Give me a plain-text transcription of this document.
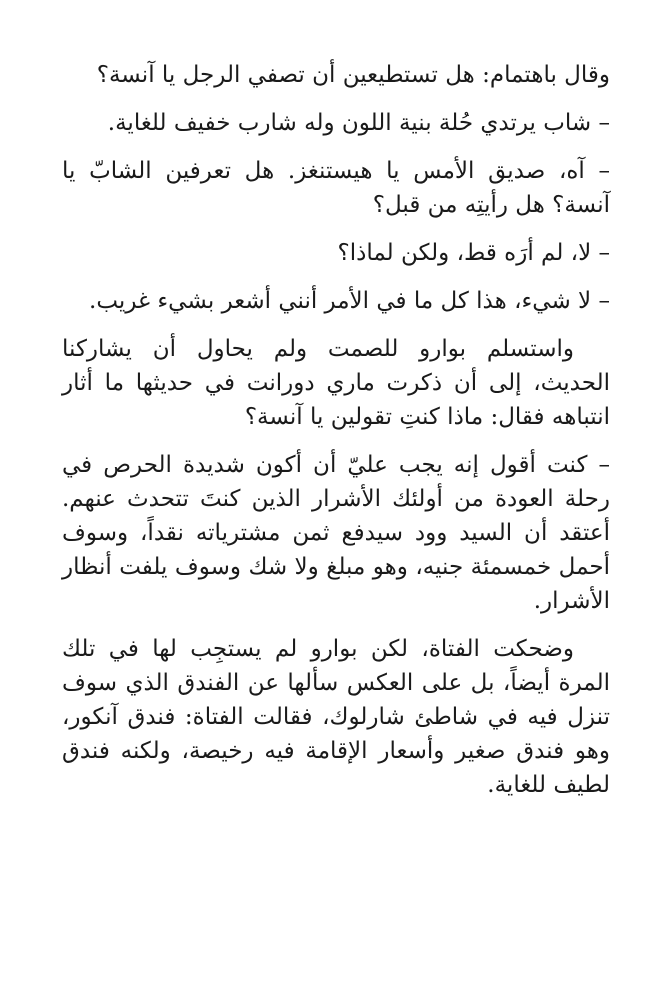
وقال باهتمام: هل تستطيعين أن تصفي الرجل يا آنسة؟

– شاب يرتدي حُلة بنية اللون وله شارب خفيف للغاية.

– آه، صديق الأمس يا هيستنغز. هل تعرفين الشابّ يا آنسة؟ هل رأيتِه من قبل؟

– لا، لم أرَه قط، ولكن لماذا؟

– لا شيء، هذا كل ما في الأمر أنني أشعر بشيء غريب.

واستسلم بوارو للصمت ولم يحاول أن يشاركنا الحديث، إلى أن ذكرت ماري دورانت في حديثها ما أثار انتباهه فقال: ماذا كنتِ تقولين يا آنسة؟

– كنت أقول إنه يجب عليّ أن أكون شديدة الحرص في رحلة العودة من أولئك الأشرار الذين كنتَ تتحدث عنهم. أعتقد أن السيد وود سيدفع ثمن مشترياته نقداً، وسوف أحمل خمسمئة جنيه، وهو مبلغ ولا شك وسوف يلفت أنظار الأشرار.

وضحكت الفتاة، لكن بوارو لم يستجِب لها في تلك المرة أيضاً، بل على العكس سألها عن الفندق الذي سوف تنزل فيه في شاطئ شارلوك، فقالت الفتاة: فندق آنكور، وهو فندق صغير وأسعار الإقامة فيه رخيصة، ولكنه فندق لطيف للغاية.
